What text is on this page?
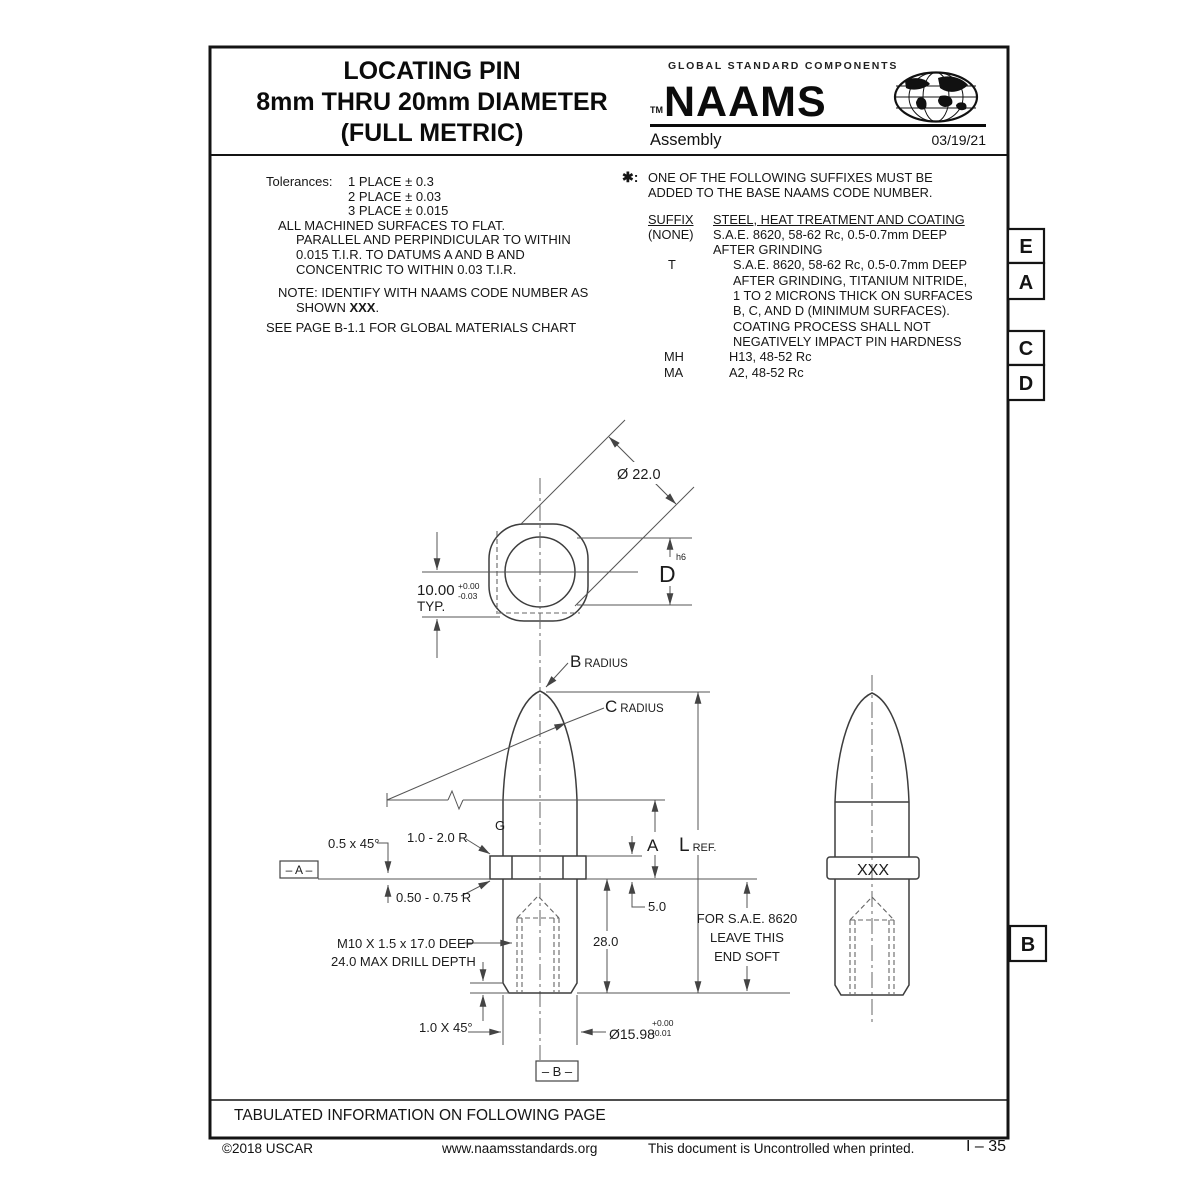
E
A
C
D
B
XXX
– A –
– B –
Ø 22.0
10.00 +0.00
-0.03
TYP.
D
h6
B RADIUS
C RADIUS
G
0.5 x 45° 1.0 - 2.0 R
0.50 - 0.75 R
A LREF.
5.0
28.0
M10 X 1.5 x 17.0 DEEP
24.0 MAX DRILL DEPTH
FOR S.A.E. 8620
LEAVE THIS
END SOFT
1.0 X 45°	Ø15.98
+0.00
-0.01
LOCATING PIN
8mm THRU 20mm DIAMETER
(FULL METRIC)
GLOBAL STANDARD COMPONENTS
TM NAAMS
Assembly	03/19/21
Tolerances:	1 PLACE ± 0.3
2 PLACE ± 0.03
3 PLACE ± 0.015
ALL MACHINED SURFACES TO FLAT.
PARALLEL AND PERPINDICULAR TO WITHIN
0.015 T.I.R. TO DATUMS A AND B AND
CONCENTRIC TO WITHIN 0.03 T.I.R.
NOTE: IDENTIFY WITH NAAMS CODE NUMBER AS
SHOWN XXX.
SEE PAGE B-1.1 FOR GLOBAL MATERIALS CHART
✱: ONE OF THE FOLLOWING SUFFIXES MUST BE
ADDED TO THE BASE NAAMS CODE NUMBER.
SUFFIX	STEEL, HEAT TREATMENT AND COATING
(NONE)	S.A.E. 8620, 58-62 Rc, 0.5-0.7mm DEEP
AFTER GRINDING
T	S.A.E. 8620, 58-62 Rc, 0.5-0.7mm DEEP
AFTER GRINDING, TITANIUM NITRIDE,
1 TO 2 MICRONS THICK ON SURFACES
B, C, AND D (MINIMUM SURFACES).
COATING PROCESS SHALL NOT
NEGATIVELY IMPACT PIN HARDNESS
MH	H13, 48-52 Rc
MA	A2, 48-52 Rc
TABULATED INFORMATION ON FOLLOWING PAGE
©2018 USCAR	www.naamsstandards.org	This document is Uncontrolled when printed.	I – 35
